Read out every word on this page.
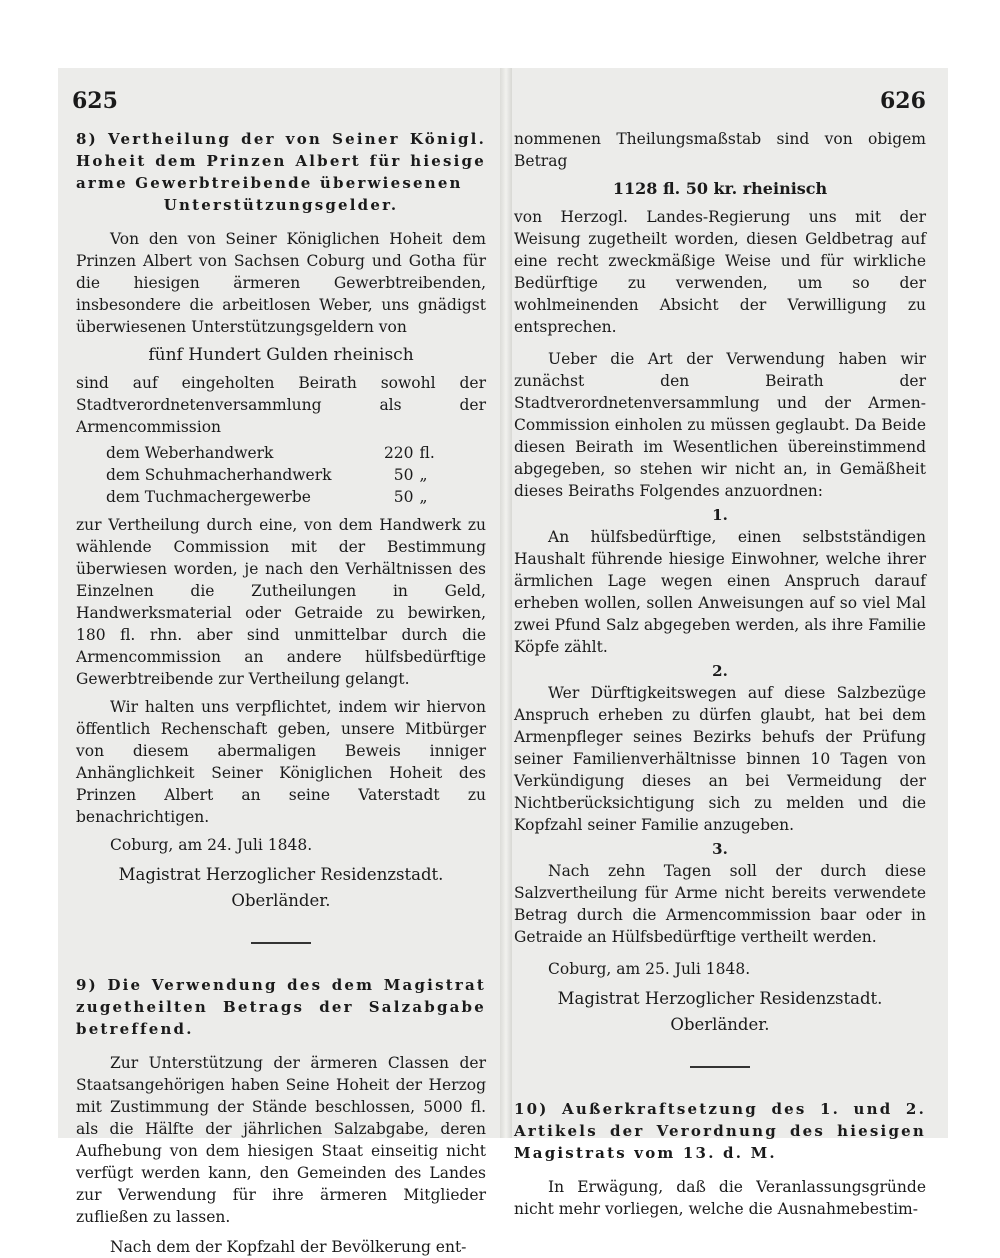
625	626
8) Vertheilung der von Seiner Königl. Hoheit dem Prinzen Albert für hiesige arme Gewerbtreibende überwiesenen
Unterstützungsgelder.

Von den von Seiner Königlichen Hoheit dem Prinzen Albert von Sachsen Coburg und Gotha für die hiesigen ärmeren Gewerbtreibenden, insbesondere die arbeitlosen Weber, uns gnädigst überwiesenen Unterstützungsgeldern von

fünf Hundert Gulden rheinisch

sind auf eingeholten Beirath sowohl der Stadtverordnetenversammlung als der Armencommission

dem Weberhandwerk	220	fl.
dem Schuhmacherhandwerk	50	„
dem Tuchmachergewerbe	50	„

zur Vertheilung durch eine, von dem Handwerk zu wählende Commission mit der Bestimmung überwiesen worden, je nach den Verhältnissen des Einzelnen die Zutheilungen in Geld, Handwerksmaterial oder Getraide zu bewirken, 180 fl. rhn. aber sind unmittelbar durch die Armencommission an andere hülfsbedürftige Gewerbtreibende zur Vertheilung gelangt.

Wir halten uns verpflichtet, indem wir hiervon öffentlich Rechenschaft geben, unsere Mitbürger von diesem abermaligen Beweis inniger Anhänglichkeit Seiner Königlichen Hoheit des Prinzen Albert an seine Vaterstadt zu benachrichtigen.

Coburg, am 24. Juli 1848.

Magistrat Herzoglicher Residenzstadt.

Oberländer.

9) Die Verwendung des dem Magistrat zugetheilten Betrags der Salzabgabe betreffend.

Zur Unterstützung der ärmeren Classen der Staatsangehörigen haben Seine Hoheit der Herzog mit Zustimmung der Stände beschlossen, 5000 fl. als die Hälfte der jährlichen Salzabgabe, deren Aufhebung von dem hiesigen Staat einseitig nicht verfügt werden kann, den Gemeinden des Landes zur Verwendung für ihre ärmeren Mitglieder zufließen zu lassen.

Nach dem der Kopfzahl der Bevölkerung ent-

nommenen Theilungsmaßstab sind von obigem Betrag

1128 fl. 50 kr. rheinisch

von Herzogl. Landes-Regierung uns mit der Weisung zugetheilt worden, diesen Geldbetrag auf eine recht zweckmäßige Weise und für wirkliche Bedürftige zu verwenden, um so der wohlmeinenden Absicht der Verwilligung zu entsprechen.

Ueber die Art der Verwendung haben wir zunächst den Beirath der Stadtverordnetenversammlung und der Armen-Commission einholen zu müssen geglaubt. Da Beide diesen Beirath im Wesentlichen übereinstimmend abgegeben, so stehen wir nicht an, in Gemäßheit dieses Beiraths Folgendes anzuordnen:

1.

An hülfsbedürftige, einen selbstständigen Haushalt führende hiesige Einwohner, welche ihrer ärmlichen Lage wegen einen Anspruch darauf erheben wollen, sollen Anweisungen auf so viel Mal zwei Pfund Salz abgegeben werden, als ihre Familie Köpfe zählt.

2.

Wer Dürftigkeitswegen auf diese Salzbezüge Anspruch erheben zu dürfen glaubt, hat bei dem Armenpfleger seines Bezirks behufs der Prüfung seiner Familienverhältnisse binnen 10 Tagen von Verkündigung dieses an bei Vermeidung der Nichtberücksichtigung sich zu melden und die Kopfzahl seiner Familie anzugeben.

3.

Nach zehn Tagen soll der durch diese Salzvertheilung für Arme nicht bereits verwendete Betrag durch die Armencommission baar oder in Getraide an Hülfsbedürftige vertheilt werden.

Coburg, am 25. Juli 1848.

Magistrat Herzoglicher Residenzstadt.

Oberländer.

10) Außerkraftsetzung des 1. und 2. Artikels der Verordnung des hiesigen Magistrats vom 13. d. M.

In Erwägung, daß die Veranlassungsgründe nicht mehr vorliegen, welche die Ausnahmebestim-
